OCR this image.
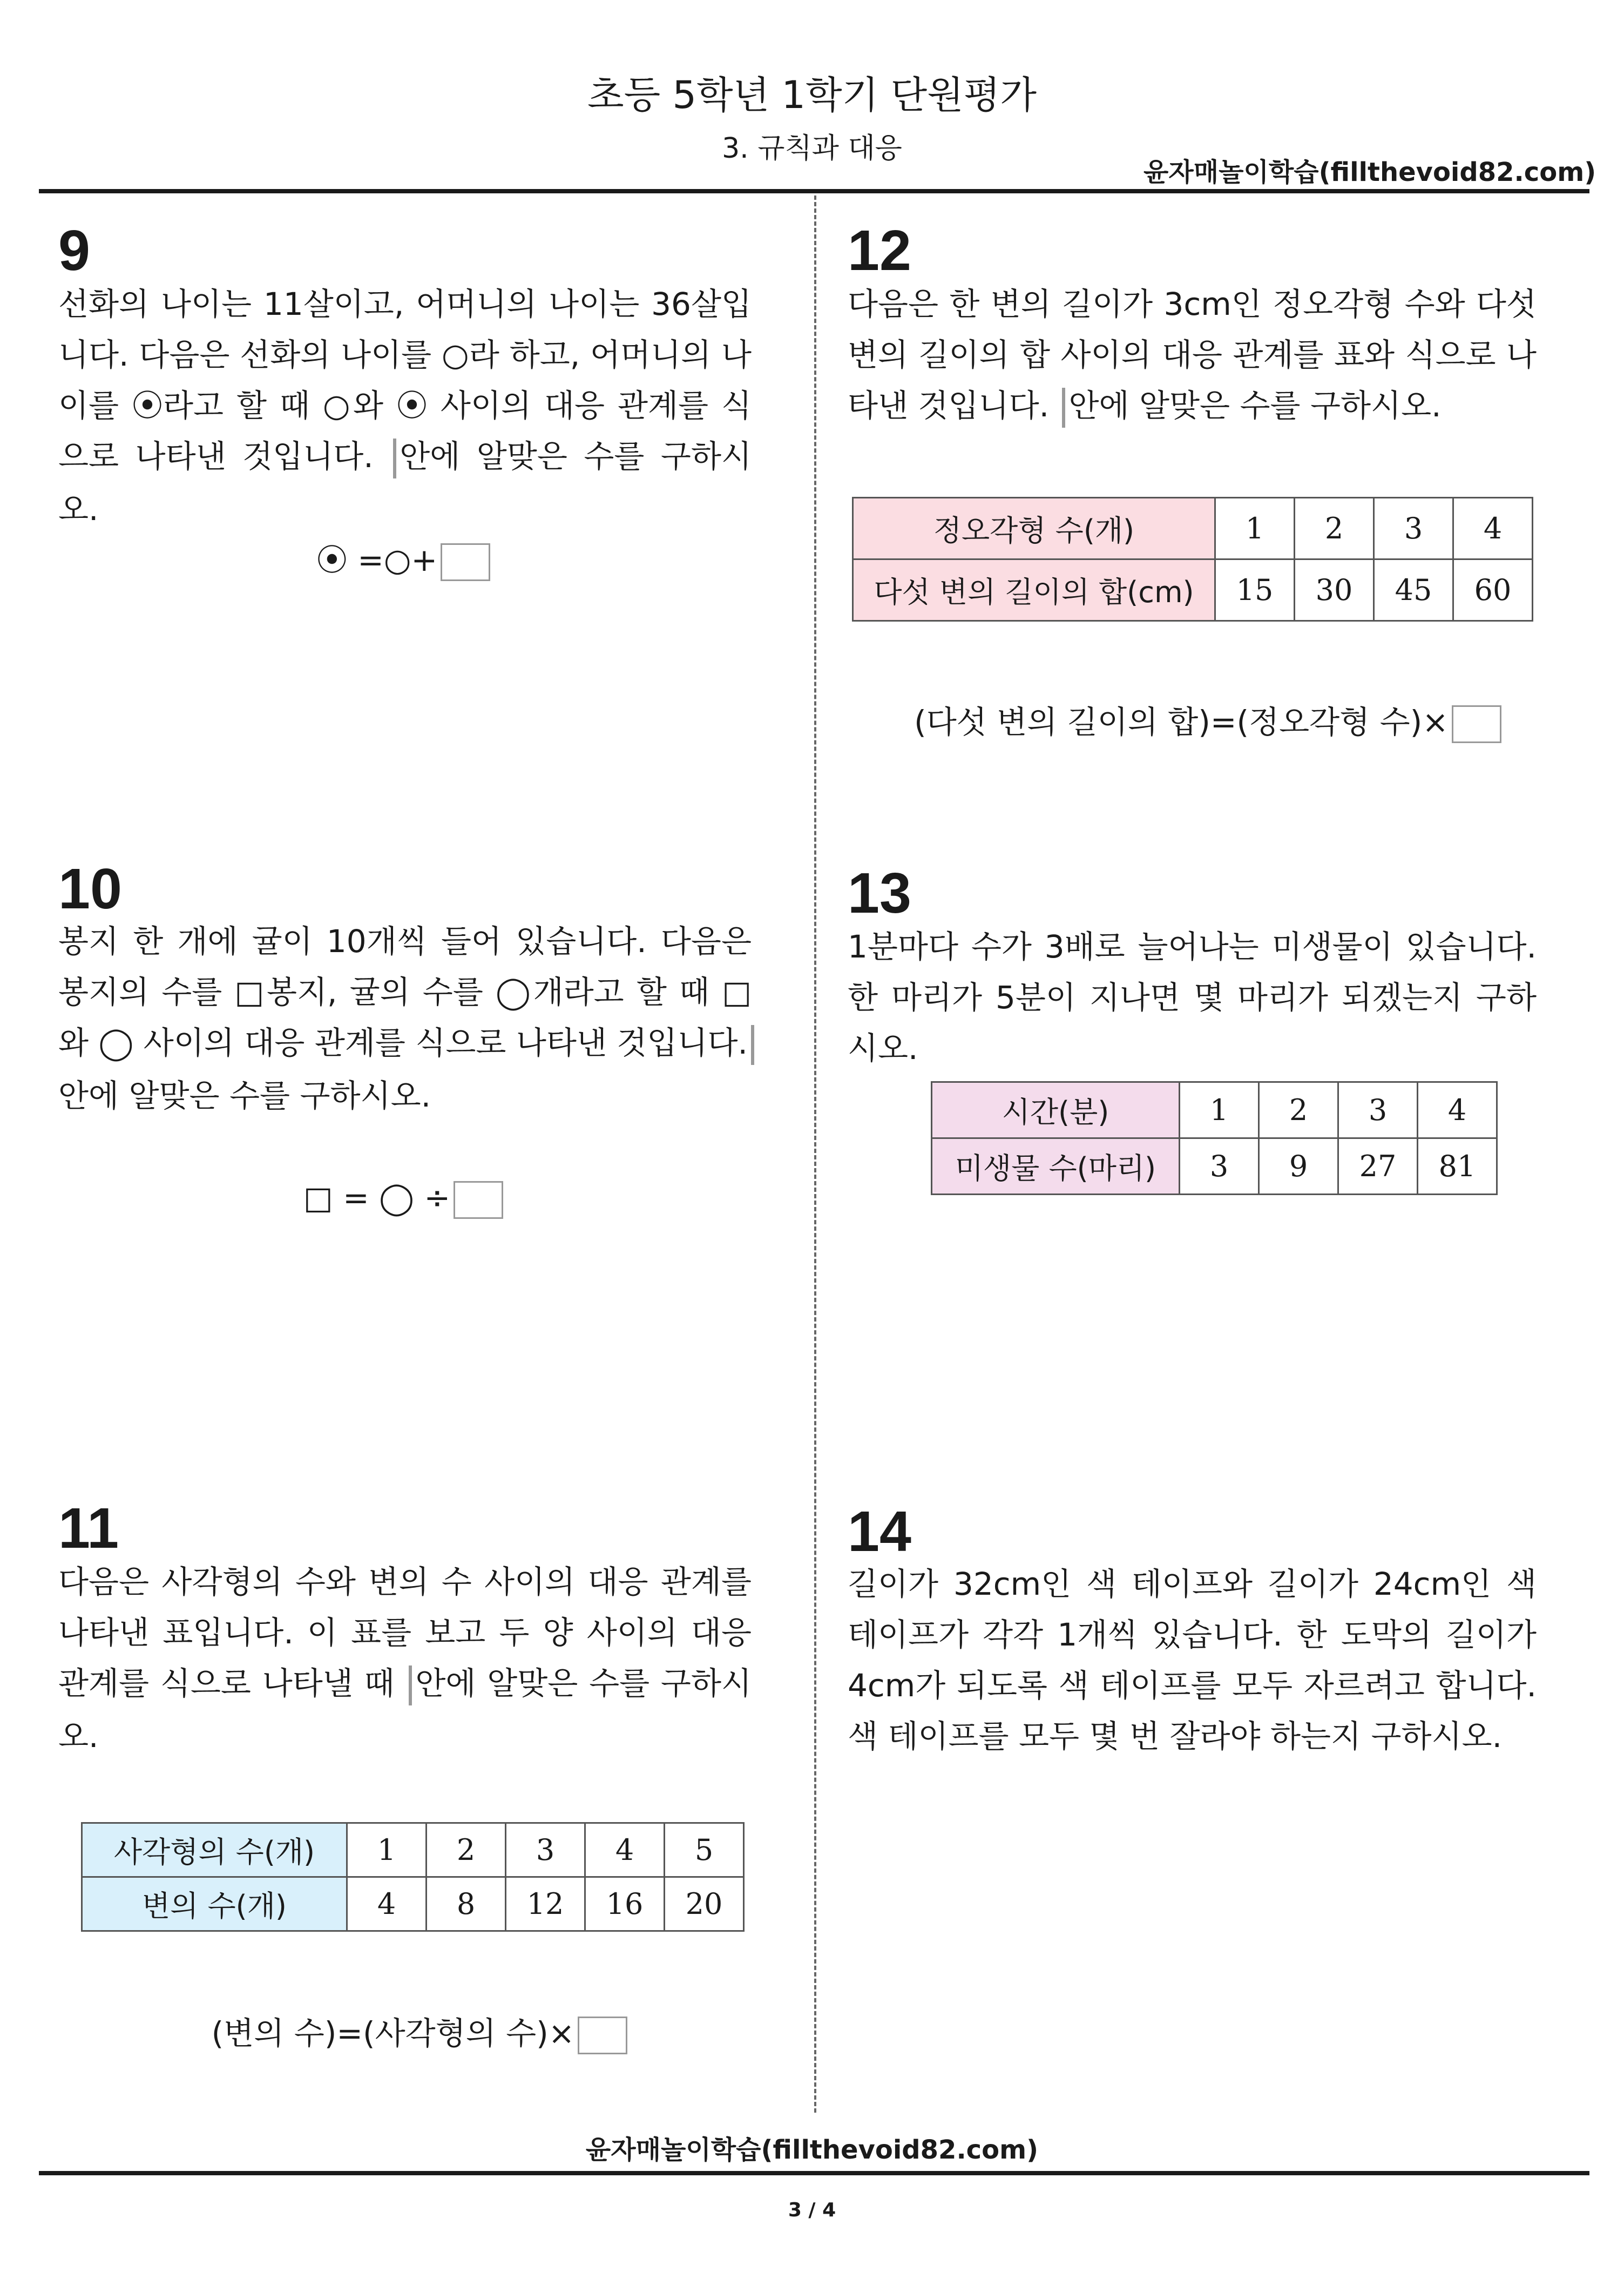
초등 5학년 1학기 단원평가
3. 규칙과 대응
윤자매놀이학습(fillthevoid82.com)
9
선화의 나이는 11살이고, 어머니의 나이는 36살입니다. 다음은 선화의 나이를 ○라 하고, 어머니의 나이를 ⦿라고 할 때 ○와 ⦿ 사이의 대응 관계를 식으로 나타낸 것입니다. 안에 알맞은 수를 구하시오.
⦿ =○+
10
봉지 한 개에 귤이 10개씩 들어 있습니다. 다음은 봉지의 수를 □봉지, 귤의 수를 ◯개라고 할 때 □와 ◯ 사이의 대응 관계를 식으로 나타낸 것입니다. 안에 알맞은 수를 구하시오.
□ = ◯ ÷
11
다음은 사각형의 수와 변의 수 사이의 대응 관계를 나타낸 표입니다. 이 표를 보고 두 양 사이의 대응 관계를 식으로 나타낼 때 안에 알맞은 수를 구하시오.
사각형의 수(개)	1	2	3	4	5
변의 수(개)	4	8	12	16	20
(변의 수)=(사각형의 수)×
12
다음은 한 변의 길이가 3cm인 정오각형 수와 다섯 변의 길이의 합 사이의 대응 관계를 표와 식으로 나타낸 것입니다. 안에 알맞은 수를 구하시오.
정오각형 수(개)	1	2	3	4
다섯 변의 길이의 합(cm)	15	30	45	60
(다섯 변의 길이의 합)=(정오각형 수)×
13
1분마다 수가 3배로 늘어나는 미생물이 있습니다. 한 마리가 5분이 지나면 몇 마리가 되겠는지 구하시오.
시간(분)	1	2	3	4
미생물 수(마리)	3	9	27	81
14
길이가 32cm인 색 테이프와 길이가 24cm인 색 테이프가 각각 1개씩 있습니다. 한 도막의 길이가 4cm가 되도록 색 테이프를 모두 자르려고 합니다. 색 테이프를 모두 몇 번 잘라야 하는지 구하시오.
윤자매놀이학습(fillthevoid82.com)
3 / 4
